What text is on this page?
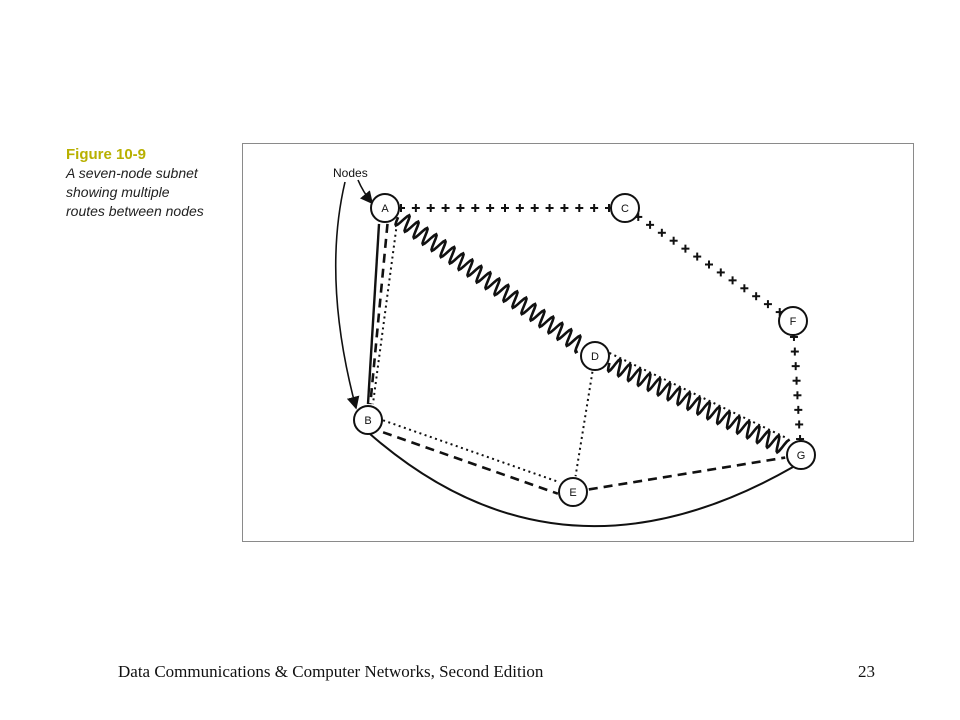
Figure 10-9
A seven-node subnet
showing multiple
routes between nodes
Nodes
A
B
C
D
E
F
G
Data Communications & Computer Networks, Second Edition	23
